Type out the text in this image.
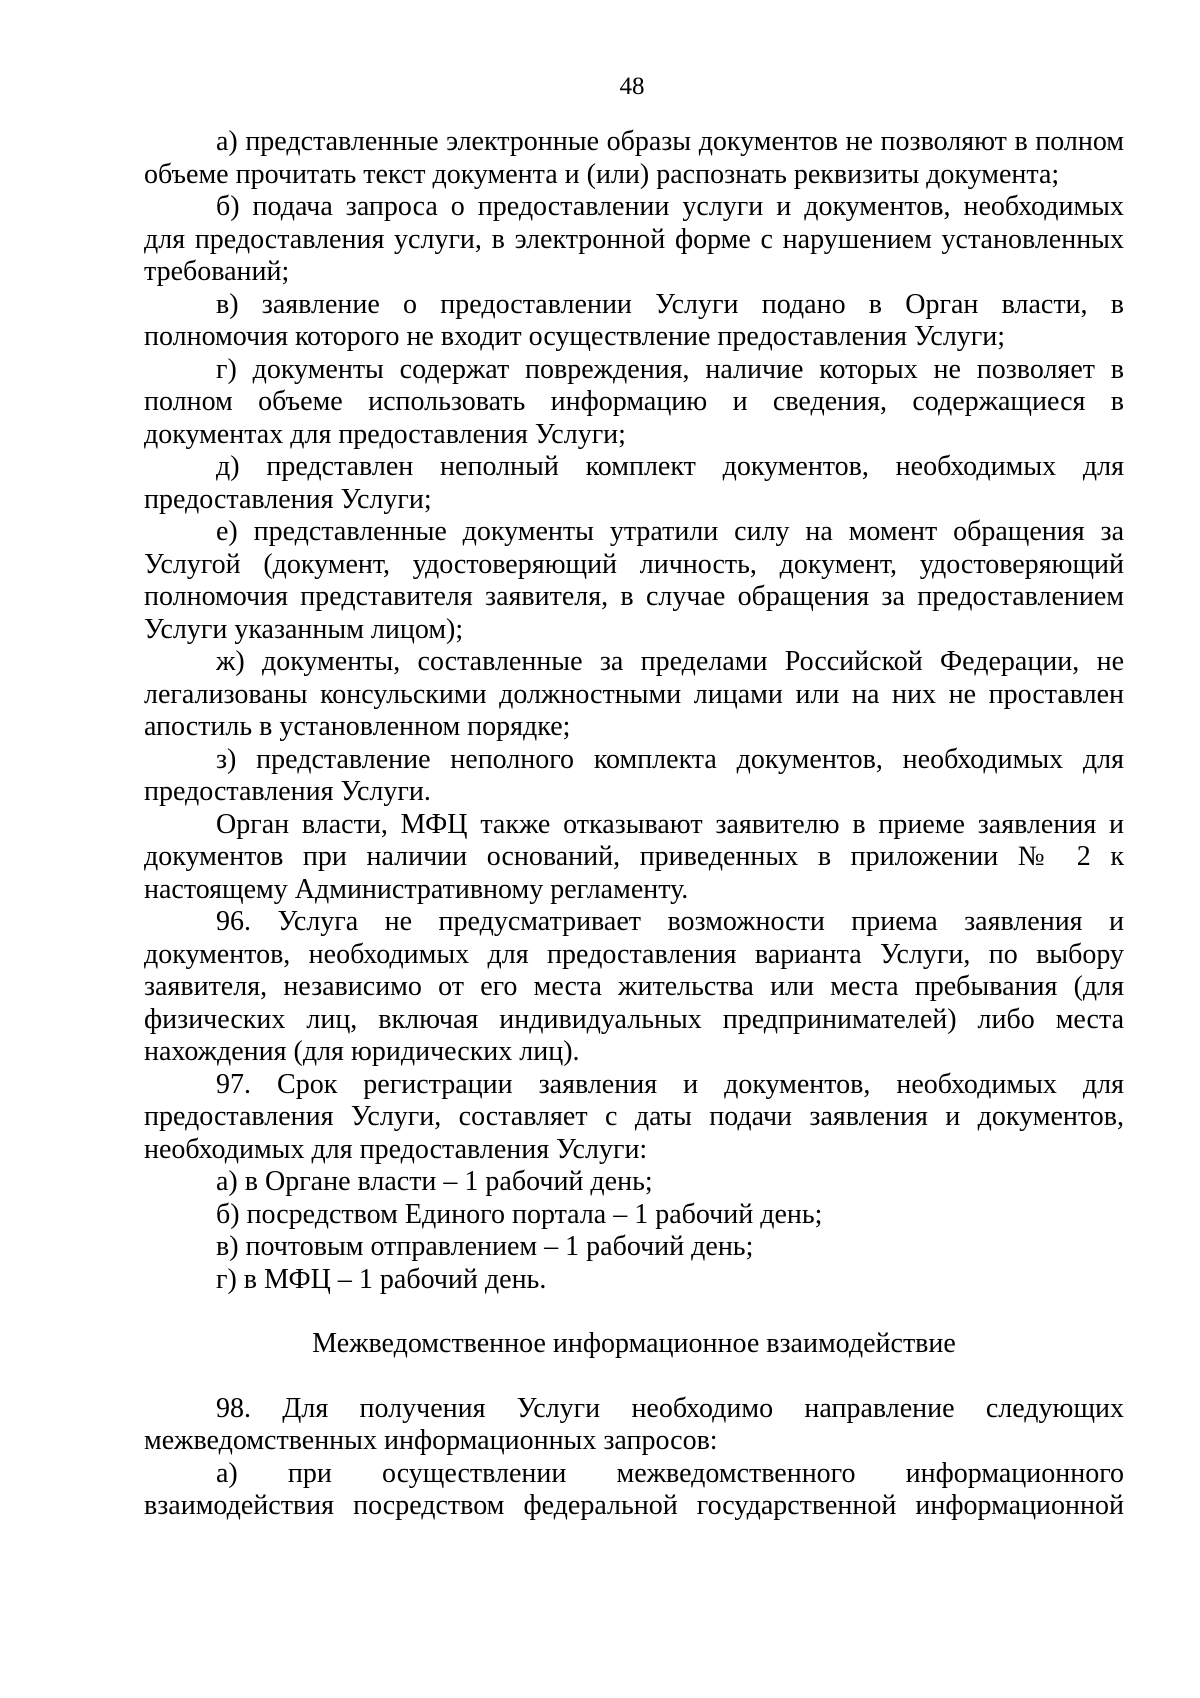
48

а) представленные электронные образы документов не позволяют в полном объеме прочитать текст документа и (или) распознать реквизиты документа;

б) подача запроса о предоставлении услуги и документов, необходимых для предоставления услуги, в электронной форме с нарушением установленных требований;

в) заявление о предоставлении Услуги подано в Орган власти, в полномочия которого не входит осуществление предоставления Услуги;

г) документы содержат повреждения, наличие которых не позволяет в полном объеме использовать информацию и сведения, содержащиеся в документах для предоставления Услуги;

д) представлен неполный комплект документов, необходимых для предоставления Услуги;

е) представленные документы утратили силу на момент обращения за Услугой (документ, удостоверяющий личность, документ, удостоверяющий полномочия представителя заявителя, в случае обращения за предоставлением Услуги указанным лицом);

ж) документы, составленные за пределами Российской Федерации, не легализованы консульскими должностными лицами или на них не проставлен апостиль в установленном порядке;

з) представление неполного комплекта документов, необходимых для предоставления Услуги.

Орган власти, МФЦ также отказывают заявителю в приеме заявления и документов при наличии оснований, приведенных в приложении № 2 к настоящему Административному регламенту.

96. Услуга не предусматривает возможности приема заявления и документов, необходимых для предоставления варианта Услуги, по выбору заявителя, независимо от его места жительства или места пребывания (для физических лиц, включая индивидуальных предпринимателей) либо места нахождения (для юридических лиц).

97. Срок регистрации заявления и документов, необходимых для предоставления Услуги, составляет с даты подачи заявления и документов, необходимых для предоставления Услуги:

а) в Органе власти – 1 рабочий день;

б) посредством Единого портала – 1 рабочий день;

в) почтовым отправлением – 1 рабочий день;

г) в МФЦ – 1 рабочий день.

Межведомственное информационное взаимодействие

98. Для получения Услуги необходимо направление следующих межведомственных информационных запросов:

а) при осуществлении межведомственного информационного взаимодействия посредством федеральной государственной информационной
